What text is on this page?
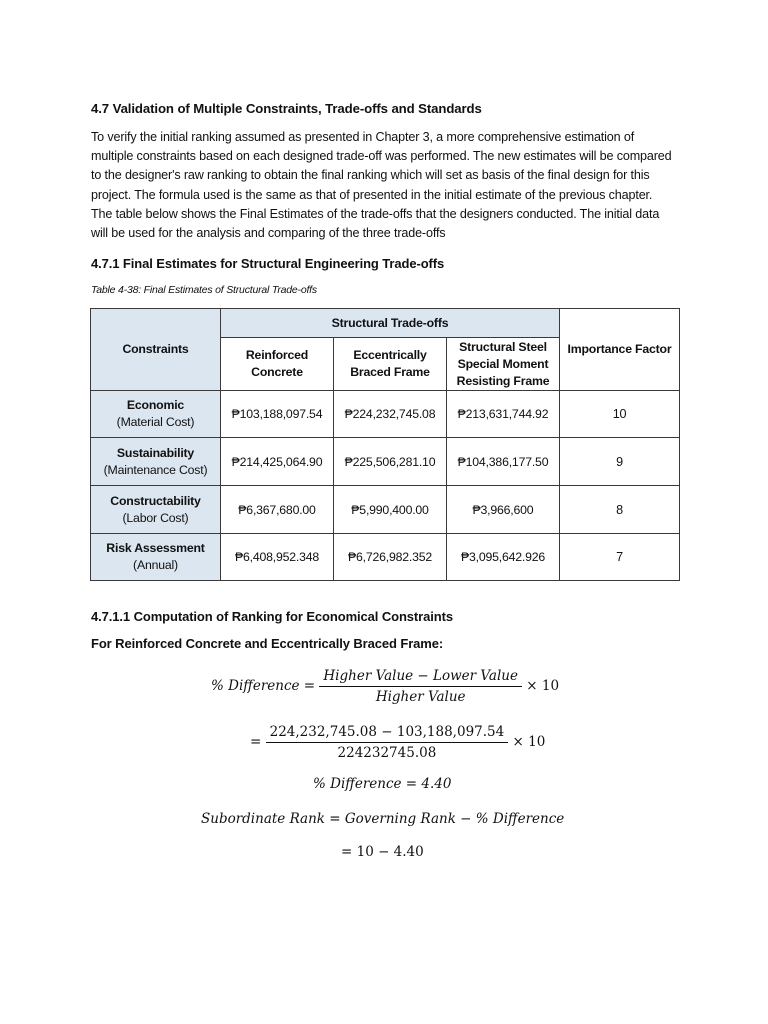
4.7 Validation of Multiple Constraints, Trade-offs and Standards
To verify the initial ranking assumed as presented in Chapter 3, a more comprehensive estimation of
multiple constraints based on each designed trade-off was performed. The new estimates will be compared
to the designer's raw ranking to obtain the final ranking which will set as basis of the final design for this
project. The formula used is the same as that of presented in the initial estimate of the previous chapter.
The table below shows the Final Estimates of the trade-offs that the designers conducted. The initial data
will be used for the analysis and comparing of the three trade-offs
4.7.1 Final Estimates for Structural Engineering Trade-offs
Table 4-38: Final Estimates of Structural Trade-offs
Constraints	Structural Trade-offs			Importance Factor
	Reinforced Concrete	Eccentrically Braced Frame	Structural Steel Special Moment Resisting Frame	

Economic
(Material Cost)	₱103,188,097.54	₱224,232,745.08	₱213,631,744.92	10

Sustainability
(Maintenance Cost)	₱214,425,064.90	₱225,506,281.10	₱104,386,177.50	9

Constructability
(Labor Cost)	₱6,367,680.00	₱5,990,400.00	₱3,966,600	8

Risk Assessment
(Annual)	₱6,408,952.348	₱6,726,982.352	₱3,095,642.926	7
4.7.1.1 Computation of Ranking for Economical Constraints
For Reinforced Concrete and Eccentrically Braced Frame:
% Difference = $\frac{\text{Higher Value − Lower Value}}{\text{Higher Value}} \times 10$
= $\frac{224,232,745.08 - 103,188,097.54}{224232745.08} \times 10$
% Difference = 4.40
Subordinate Rank = Governing Rank − % Difference
= 10 − 4.40
